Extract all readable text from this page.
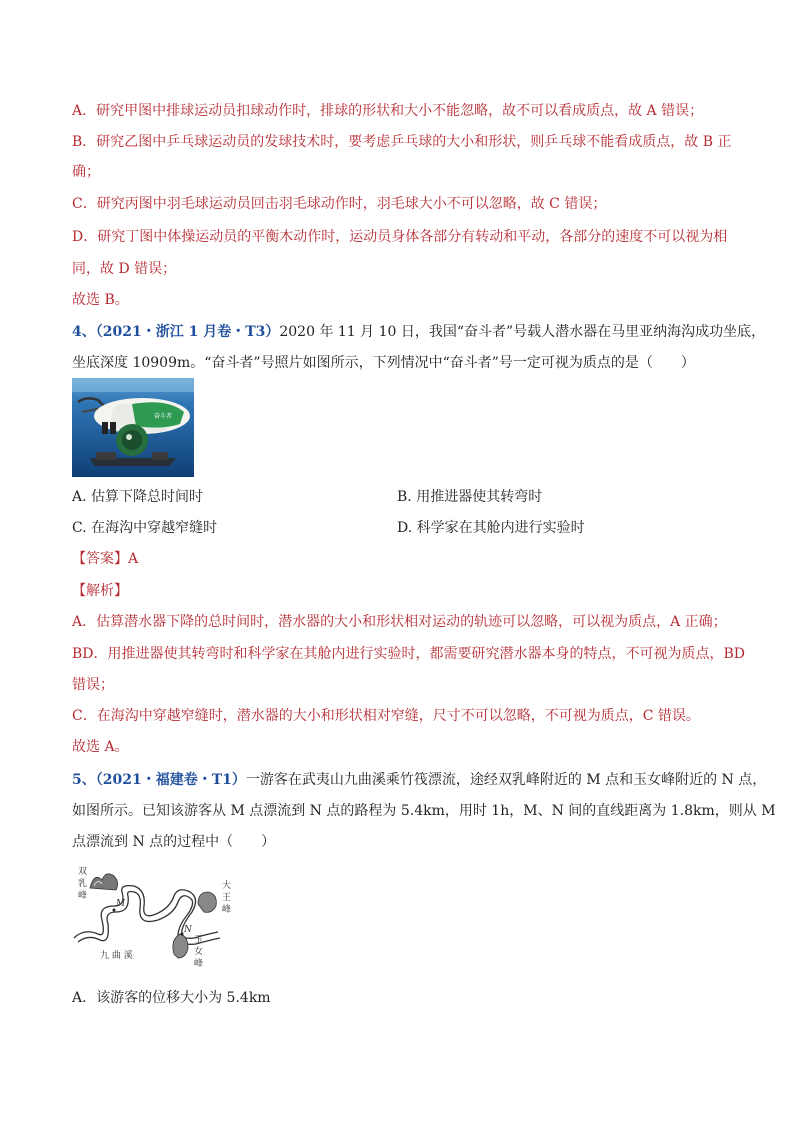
A．研究甲图中排球运动员扣球动作时，排球的形状和大小不能忽略，故不可以看成质点，故 A 错误；
B．研究乙图中乒乓球运动员的发球技术时，要考虑乒乓球的大小和形状，则乒乓球不能看成质点，故 B 正
确；
C．研究丙图中羽毛球运动员回击羽毛球动作时，羽毛球大小不可以忽略，故 C 错误；
D．研究丁图中体操运动员的平衡木动作时，运动员身体各部分有转动和平动，各部分的速度不可以视为相
同，故 D 错误；
故选 B。
4、（2021・浙江 1 月卷・T3）2020 年 11 月 10 日，我国“奋斗者”号载人潜水器在马里亚纳海沟成功坐底，
坐底深度 10909m。“奋斗者”号照片如图所示，下列情况中“奋斗者”号一定可视为质点的是（　　）
奋斗者
A. 估算下降总时间时	B. 用推进器使其转弯时
C. 在海沟中穿越窄缝时	D. 科学家在其舱内进行实验时
【答案】A
【解析】
A．估算潜水器下降的总时间时，潜水器的大小和形状相对运动的轨迹可以忽略，可以视为质点，A 正确；
BD．用推进器使其转弯时和科学家在其舱内进行实验时，都需要研究潜水器本身的特点，不可视为质点，BD
错误；
C．在海沟中穿越窄缝时，潜水器的大小和形状相对窄缝，尺寸不可以忽略，不可视为质点，C 错误。
故选 A。
5、（2021・福建卷・T1）一游客在武夷山九曲溪乘竹筏漂流，途经双乳峰附近的 M 点和玉女峰附近的 N 点，
如图所示。已知该游客从 M 点漂流到 N 点的路程为 5.4km，用时 1h，M、N 间的直线距离为 1.8km，则从 M
点漂流到 N 点的过程中（　　）
双
乳
峰
大
王
峰
玉
女
峰
九 曲 溪
M
N
A．该游客的位移大小为 5.4km
